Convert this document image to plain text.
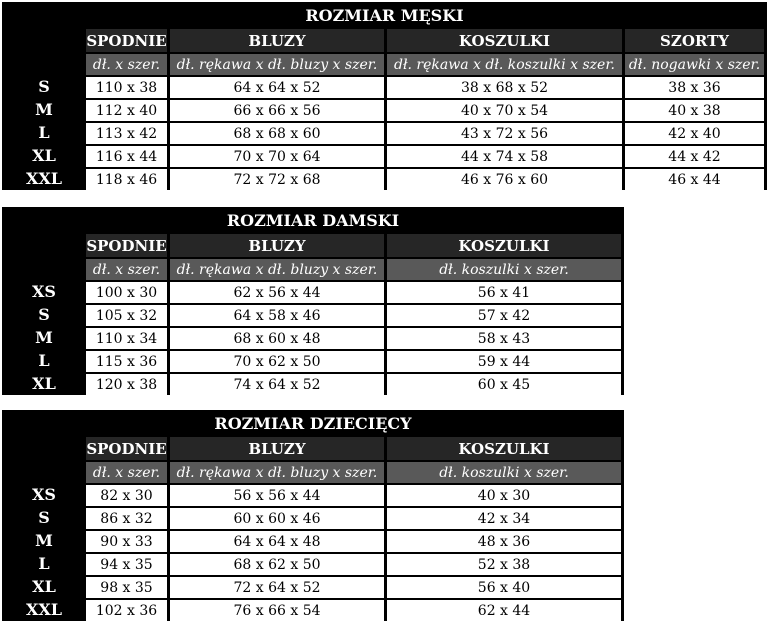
ROZMIAR MĘSKI				
	SPODNIE	BLUZY	KOSZULKI	SZORTY
	dł. x szer.	dł. rękawa x dł. bluzy x szer.	dł. rękawa x dł. koszulki x szer.	dł. nogawki x szer.
S	110 x 38	64 x 64 x 52	38 x 68 x 52	38 x 36
M	112 x 40	66 x 66 x 56	40 x 70 x 54	40 x 38
L	113 x 42	68 x 68 x 60	43 x 72 x 56	42 x 40
XL	116 x 44	70 x 70 x 64	44 x 74 x 58	44 x 42
XXL	118 x 46	72 x 72 x 68	46 x 76 x 60	46 x 44
ROZMIAR DAMSKI			
	SPODNIE	BLUZY	KOSZULKI
	dł. x szer.	dł. rękawa x dł. bluzy x szer.	dł. koszulki x szer.
XS	100 x 30	62 x 56 x 44	56 x 41
S	105 x 32	64 x 58 x 46	57 x 42
M	110 x 34	68 x 60 x 48	58 x 43
L	115 x 36	70 x 62 x 50	59 x 44
XL	120 x 38	74 x 64 x 52	60 x 45
ROZMIAR DZIECIĘCY			
	SPODNIE	BLUZY	KOSZULKI
	dł. x szer.	dł. rękawa x dł. bluzy x szer.	dł. koszulki x szer.
XS	82 x 30	56 x 56 x 44	40 x 30
S	86 x 32	60 x 60 x 46	42 x 34
M	90 x 33	64 x 64 x 48	48 x 36
L	94 x 35	68 x 62 x 50	52 x 38
XL	98 x 35	72 x 64 x 52	56 x 40
XXL	102 x 36	76 x 66 x 54	62 x 44
